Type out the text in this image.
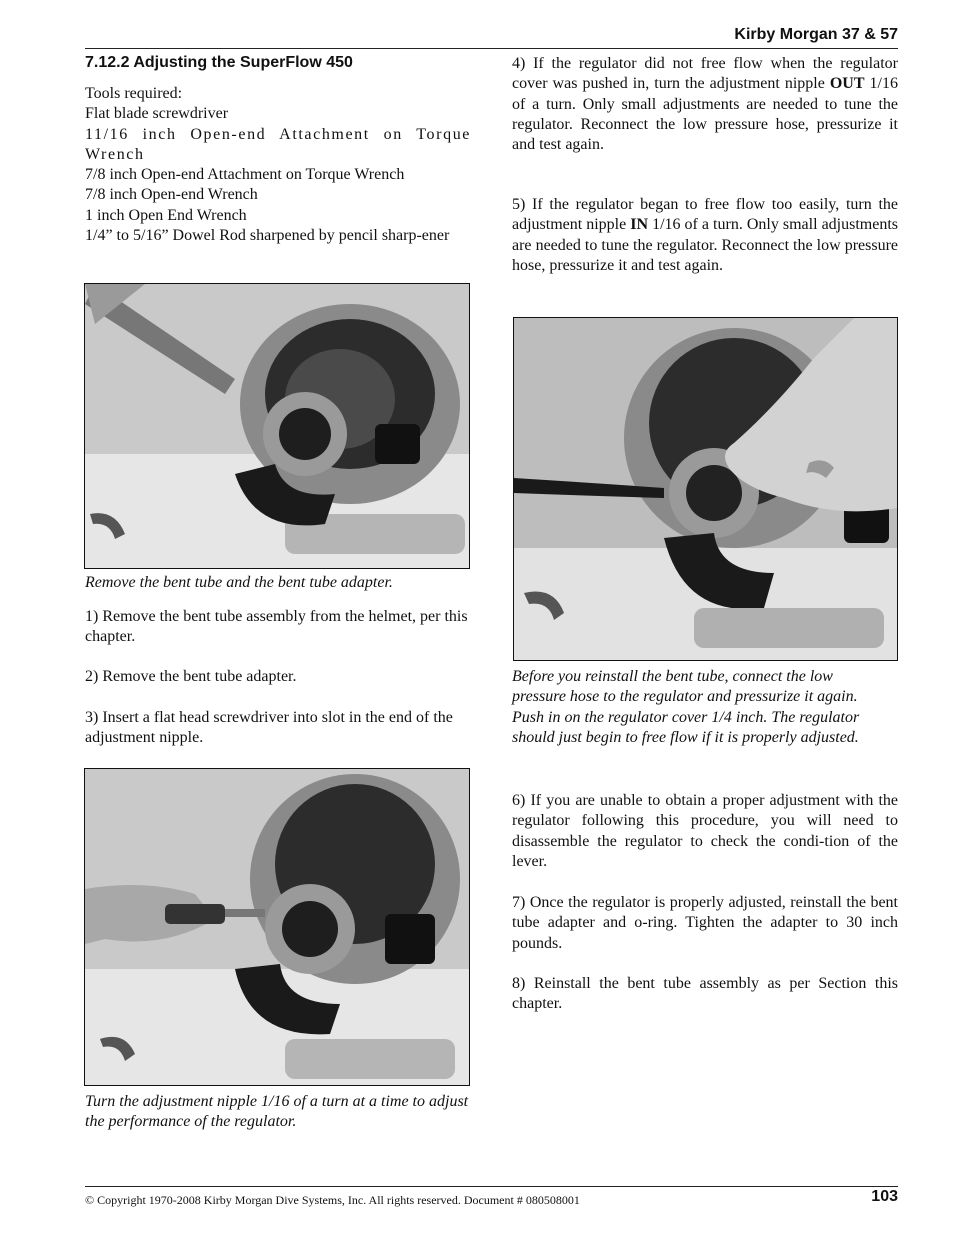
Kirby Morgan 37 & 57
7.12.2 Adjusting the SuperFlow 450
Tools required:
Flat blade screwdriver
11/16 inch Open-end Attachment on Torque Wrench
7/8 inch Open-end Attachment on Torque Wrench
7/8 inch Open-end Wrench
1 inch Open End Wrench
1/4” to 5/16” Dowel Rod sharpened by pencil sharp-ener
Remove the bent tube and the bent tube adapter.
1) Remove the bent tube assembly from the helmet, per this chapter.
2) Remove the bent tube adapter.
3) Insert a flat head screwdriver into slot in the end of the adjustment nipple.
Turn the adjustment nipple 1/16 of a turn at a time to adjust the performance of the regulator.
4) If the regulator did not free flow when the regulator cover was pushed in, turn the adjustment nipple OUT 1/16 of a turn. Only small adjustments are needed to tune the regulator. Reconnect the low pressure hose, pressurize it and test again.
5) If the regulator began to free flow too easily, turn the adjustment nipple IN 1/16 of a turn. Only small adjustments are needed to tune the regulator. Reconnect the low pressure hose, pressurize it and test again.
Before you reinstall the bent tube, connect the low pressure hose to the regulator and pressurize it again. Push in on the regulator cover 1/4 inch. The regulator should just begin to free flow if it is properly adjusted.
6) If you are unable to obtain a proper adjustment with the regulator following this procedure, you will need to disassemble the regulator to check the condi-tion of the lever.
7) Once the regulator is properly adjusted, reinstall the bent tube adapter and o-ring. Tighten the adapter to 30 inch pounds.
8) Reinstall the bent tube assembly as per Section this chapter.
© Copyright 1970-2008 Kirby Morgan Dive Systems, Inc. All rights reserved. Document # 080508001	103
